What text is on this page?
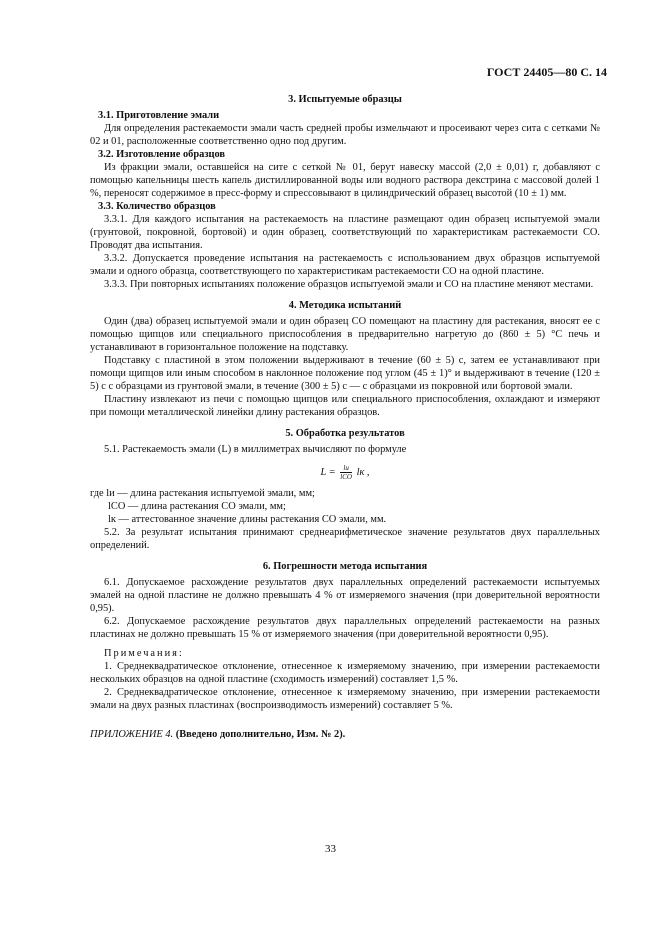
ГОСТ 24405—80 С. 14
3. Испытуемые образцы

3.1. Приготовление эмали

Для определения растекаемости эмали часть средней пробы измельчают и просеивают через сита с сетками № 02 и 01, расположенные соответственно одно под другим.

3.2. Изготовление образцов

Из фракции эмали, оставшейся на сите с сеткой № 01, берут навеску массой (2,0 ± 0,01) г, добавляют с помощью капельницы шесть капель дистиллированной воды или водного раствора декстрина с массовой долей 1 %, переносят содержимое в пресс-форму и спрессовывают в цилиндрический образец высотой (10 ± 1) мм.

3.3. Количество образцов

3.3.1. Для каждого испытания на растекаемость на пластине размещают один образец испытуемой эмали (грунтовой, покровной, бортовой) и один образец, соответствующий по характеристикам растекаемости СО. Проводят два испытания.

3.3.2. Допускается проведение испытания на растекаемость с использованием двух образцов испытуемой эмали и одного образца, соответствующего по характеристикам растекаемости СО на одной пластине.

3.3.3. При повторных испытаниях положение образцов испытуемой эмали и СО на пластине меняют местами.

4. Методика испытаний

Один (два) образец испытуемой эмали и один образец СО помещают на пластину для растекания, вносят ее с помощью щипцов или специального приспособления в предварительно нагретую до (860 ± 5) °С печь и устанавливают в горизонтальное положение на подставку.

Подставку с пластиной в этом положении выдерживают в течение (60 ± 5) с, затем ее устанавливают при помощи щипцов или иным способом в наклонное положение под углом (45 ± 1)° и выдерживают в течение (120 ± 5) с с образцами из грунтовой эмали, в течение (300 ± 5) с — с образцами из покровной или бортовой эмали.

Пластину извлекают из печи с помощью щипцов или специального приспособления, охлаждают и измеряют при помощи металлической линейки длину растекания образцов.

5. Обработка результатов

5.1. Растекаемость эмали (L) в миллиметрах вычисляют по формуле

$L = \frac{lи}{\text{lСО}}$ lк ,
где lи — длина растекания испытуемой эмали, мм;
lСО — длина растекания СО эмали, мм;
lк — аттестованное значение длины растекания СО эмали, мм.

5.2. За результат испытания принимают среднеарифметическое значение результатов двух параллельных определений.

6. Погрешности метода испытания

6.1. Допускаемое расхождение результатов двух параллельных определений растекаемости испытуемых эмалей на одной пластине не должно превышать 4 % от измеряемого значения (при доверительной вероятности 0,95).

6.2. Допускаемое расхождение результатов двух параллельных определений растекаемости на разных пластинах не должно превышать 15 % от измеряемого значения (при доверительной вероятности 0,95).

Примечания:

1. Среднеквадратическое отклонение, отнесенное к измеряемому значению, при измерении растекаемости нескольких образцов на одной пластине (сходимость измерений) составляет 1,5 %.

2. Среднеквадратическое отклонение, отнесенное к измеряемому значению, при измерении растекаемости эмали на двух разных пластинах (воспроизводимость измерений) составляет 5 %.

ПРИЛОЖЕНИЕ 4. (Введено дополнительно, Изм. № 2).

33
